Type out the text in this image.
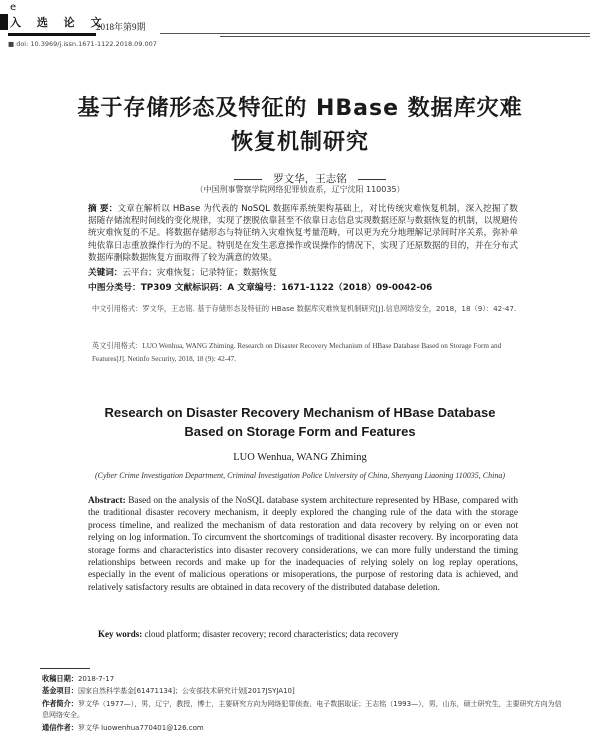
e
入 选 论 文
2018年第9期
■ doi: 10.3969/j.issn.1671-1122.2018.09.007
基于存储形态及特征的 HBase 数据库灾难
恢复机制研究
罗文华，王志铭
（中国刑事警察学院网络犯罪侦查系，辽宁沈阳 110035）
摘 要：文章在解析以 HBase 为代表的 NoSQL 数据库系统架构基础上，对比传统灾难恢复机制，深入挖掘了数据随存储流程时间线的变化规律，实现了摆脱依靠甚至不依靠日志信息实现数据还原与数据恢复的机制，以规避传统灾难恢复的不足。将数据存储形态与特征纳入灾难恢复考量范畴，可以更为充分地理解记录间时序关系，弥补单纯依靠日志重放操作行为的不足。特别是在发生恶意操作或误操作的情况下，实现了还原数据的目的，并在分布式数据库删除数据恢复方面取得了较为满意的效果。
关键词：云平台；灾难恢复；记录特征；数据恢复
中图分类号：TP309 文献标识码：A 文章编号：1671-1122（2018）09-0042-06
中文引用格式：罗文华，王志铭. 基于存储形态及特征的 HBase 数据库灾难恢复机制研究[J].信息网络安全，2018，18（9）：42-47.
英文引用格式：LUO Wenhua, WANG Zhiming. Research on Disaster Recovery Mechanism of HBase Database Based on Storage Form and Features[J]. Netinfo Security, 2018, 18 (9): 42-47.
Research on Disaster Recovery Mechanism of HBase Database
Based on Storage Form and Features
LUO Wenhua, WANG Zhiming
(Cyber Crime Investigation Department, Criminal Investigation Police University of China, Shenyang Liaoning 110035, China)
Abstract: Based on the analysis of the NoSQL database system architecture represented by HBase, compared with the traditional disaster recovery mechanism, it deeply explored the changing rule of the data with the storage process timeline, and realized the mechanism of data restoration and data recovery by relying on or even not relying on log information. To circumvent the shortcomings of traditional disaster recovery. By incorporating data storage forms and characteristics into disaster recovery considerations, we can more fully understand the timing relationships between records and make up for the inadequacies of relying solely on log replay operations, especially in the event of malicious operations or misoperations, the purpose of restoring data is achieved, and relatively satisfactory results are obtained in data recovery of the distributed database deletion.
Key words: cloud platform; disaster recovery; record characteristics; data recovery
收稿日期：2018-7-17
基金项目：国家自然科学基金[61471134]；公安部技术研究计划[2017JSYJA10]
作者简介：罗文华（1977—），男，辽宁，教授，博士，主要研究方向为网络犯罪侦查、电子数据取证；王志铭（1993—），男，山东，硕士研究生，主要研究方向为信息网络安全。
通信作者：罗文华 luowenhua770401@126.com
